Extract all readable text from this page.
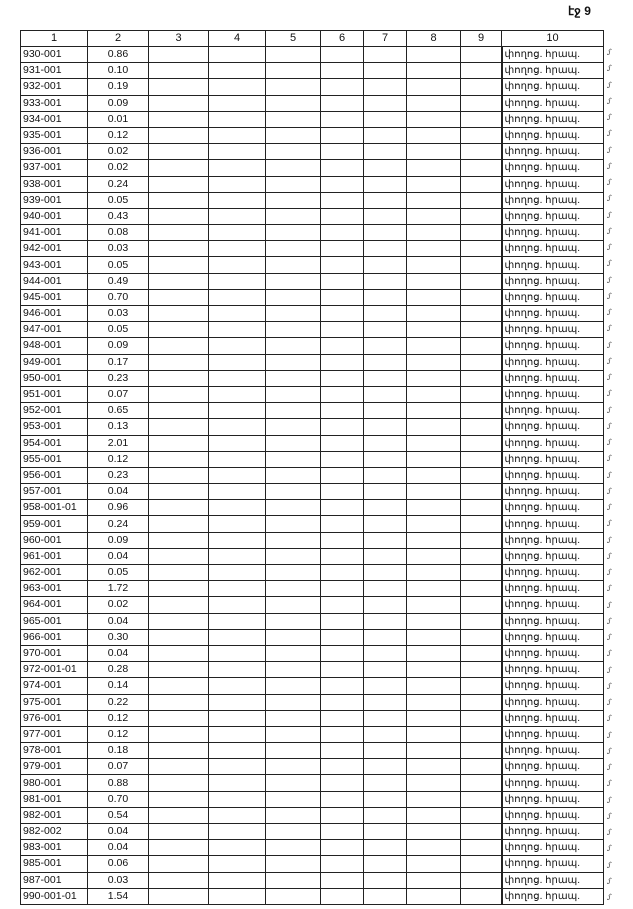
էջ 9
1	2	3	4	5	6	7	8	9	10
930-001	0.86								փողոց. հրապ.
931-001	0.10								փողոց. հրապ.
932-001	0.19								փողոց. հրապ.
933-001	0.09								փողոց. հրապ.
934-001	0.01								փողոց. հրապ.
935-001	0.12								փողոց. հրապ.
936-001	0.02								փողոց. հրապ.
937-001	0.02								փողոց. հրապ.
938-001	0.24								փողոց. հրապ.
939-001	0.05								փողոց. հրապ.
940-001	0.43								փողոց. հրապ.
941-001	0.08								փողոց. հրապ.
942-001	0.03								փողոց. հրապ.
943-001	0.05								փողոց. հրապ.
944-001	0.49								փողոց. հրապ.
945-001	0.70								փողոց. հրապ.
946-001	0.03								փողոց. հրապ.
947-001	0.05								փողոց. հրապ.
948-001	0.09								փողոց. հրապ.
949-001	0.17								փողոց. հրապ.
950-001	0.23								փողոց. հրապ.
951-001	0.07								փողոց. հրապ.
952-001	0.65								փողոց. հրապ.
953-001	0.13								փողոց. հրապ.
954-001	2.01								փողոց. հրապ.
955-001	0.12								փողոց. հրապ.
956-001	0.23								փողոց. հրապ.
957-001	0.04								փողոց. հրապ.
958-001-01	0.96								փողոց. հրապ.
959-001	0.24								փողոց. հրապ.
960-001	0.09								փողոց. հրապ.
961-001	0.04								փողոց. հրապ.
962-001	0.05								փողոց. հրապ.
963-001	1.72								փողոց. հրապ.
964-001	0.02								փողոց. հրապ.
965-001	0.04								փողոց. հրապ.
966-001	0.30								փողոց. հրապ.
970-001	0.04								փողոց. հրապ.
972-001-01	0.28								փողոց. հրապ.
974-001	0.14								փողոց. հրապ.
975-001	0.22								փողոց. հրապ.
976-001	0.12								փողոց. հրապ.
977-001	0.12								փողոց. հրապ.
978-001	0.18								փողոց. հրապ.
979-001	0.07								փողոց. հրապ.
980-001	0.88								փողոց. հրապ.
981-001	0.70								փողոց. հրապ.
982-001	0.54								փողոց. հրապ.
982-002	0.04								փողոց. հրապ.
983-001	0.04								փողոց. հրապ.
985-001	0.06								փողոց. հրապ.
987-001	0.03								փողոց. հրապ.
990-001-01	1.54								փողոց. հրապ.
ᴊ̂
ᴊ̂
ᴊ̂
ᴊ̂
ᴊ̂
ᴊ̂
ᴊ̂
ᴊ̂
ᴊ̂
ᴊ̂
ᴊ̂
ᴊ̂
ᴊ̂
ᴊ̂
ᴊ̂
ᴊ̂
ᴊ̂
ᴊ̂
ᴊ̂
ᴊ̂
ᴊ̂
ᴊ̂
ᴊ̂
ᴊ̂
ᴊ̂
ᴊ̂
ᴊ̂
ᴊ̂
ᴊ̂
ᴊ̂
ᴊ̂
ᴊ̂
ᴊ̂
ᴊ̂
ᴊ̂
ᴊ̂
ᴊ̂
ᴊ̂
ᴊ̂
ᴊ̂
ᴊ̂
ᴊ̂
ᴊ̂
ᴊ̂
ᴊ̂
ᴊ̂
ᴊ̂
ᴊ̂
ᴊ̂
ᴊ̂
ᴊ̂
ᴊ̂
ᴊ̂
